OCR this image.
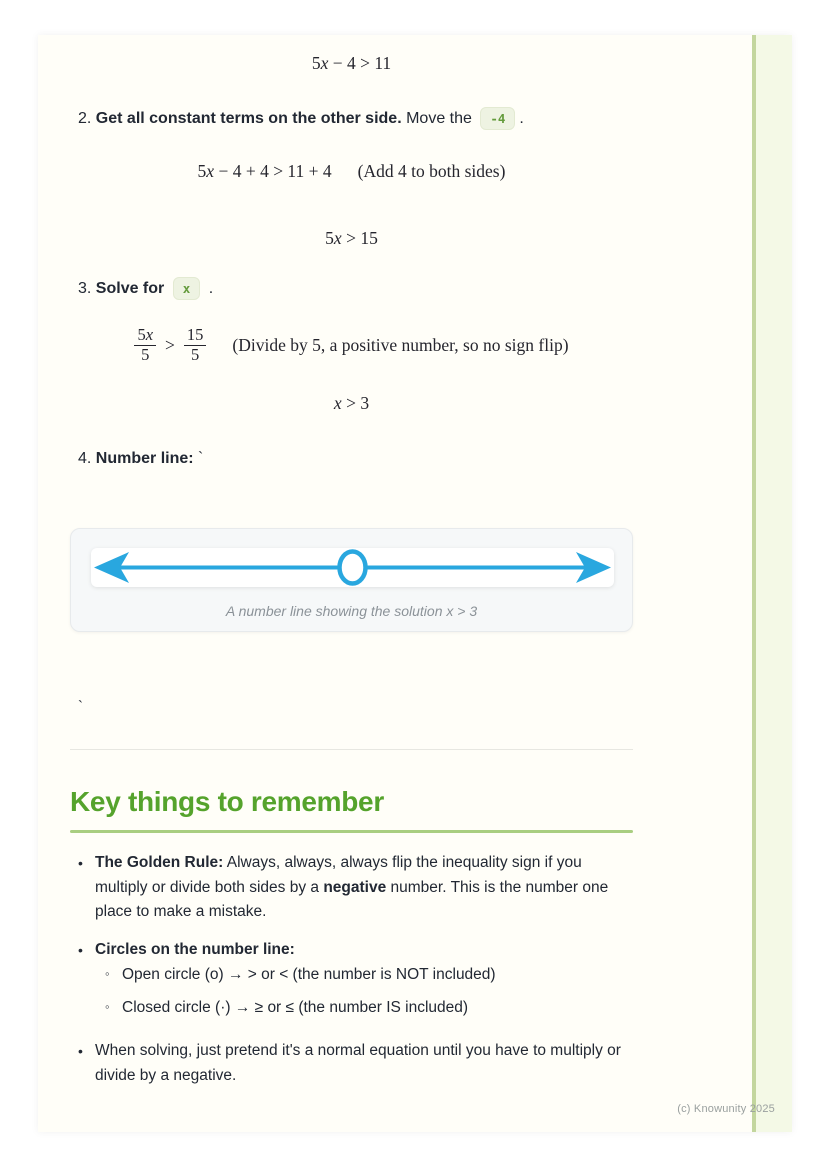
5x − 4 > 11
2. Get all constant terms on the other side. Move the -4 .
5x − 4 + 4 > 11 + 4 (Add 4 to both sides)
5x > 15
3. Solve for x .
$\frac{5x}{5} > \frac{15}{5}$ (Divide by 5, a positive number, so no sign flip)
x > 3
4. Number line: `
A number line showing the solution x > 3
`
Key things to remember
• The Golden Rule: Always, always, always flip the inequality sign if you multiply or divide both sides by a negative number. This is the number one place to make a mistake.
• Circles on the number line:
◦ Open circle (o) → > or < (the number is NOT included)
◦ Closed circle (·) → ≥ or ≤ (the number IS included)
• When solving, just pretend it's a normal equation until you have to multiply or divide by a negative.
(c) Knowunity 2025
